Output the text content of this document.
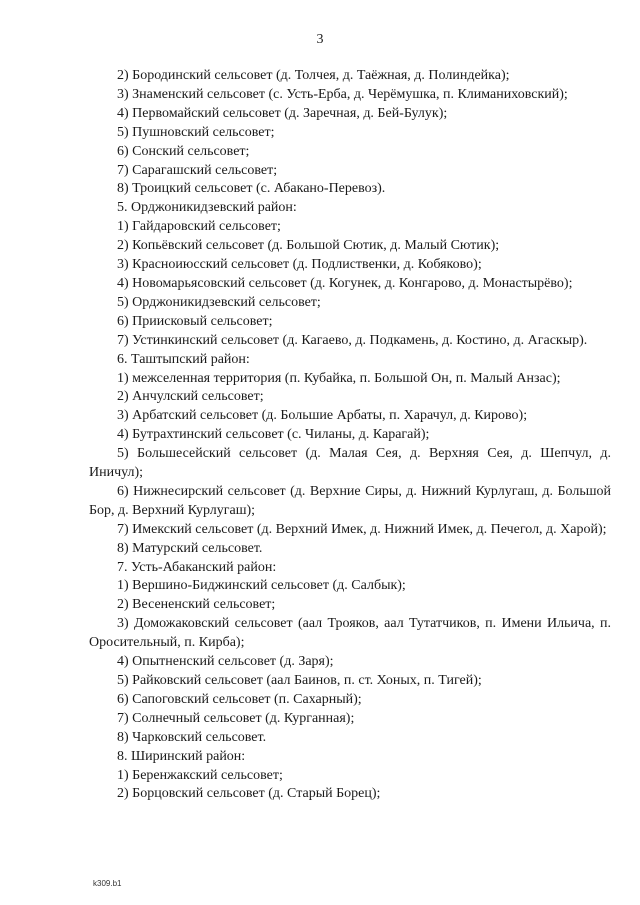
3

2) Бородинский сельсовет (д. Толчея, д. Таёжная, д. Полиндейка);

3) Знаменский сельсовет (с. Усть-Ерба, д. Черёмушка, п. Климаниховский);

4) Первомайский сельсовет (д. Заречная, д. Бей-Булук);

5) Пушновский сельсовет;

6) Сонский сельсовет;

7) Сарагашский сельсовет;

8) Троицкий сельсовет (с. Абакано-Перевоз).

5. Орджоникидзевский район:

1) Гайдаровский сельсовет;

2) Копьёвский сельсовет (д. Большой Сютик, д. Малый Сютик);

3) Красноиюсский сельсовет (д. Подлиственки, д. Кобяково);

4) Новомарьясовский сельсовет (д. Когунек, д. Конгарово, д. Монастырёво);

5) Орджоникидзевский сельсовет;

6) Приисковый сельсовет;

7) Устинкинский сельсовет (д. Кагаево, д. Подкамень, д. Костино, д. Агаскыр).

6. Таштыпский район:

1) межселенная территория (п. Кубайка, п. Большой Он, п. Малый Анзас);

2) Анчулский сельсовет;

3) Арбатский сельсовет (д. Большие Арбаты, п. Харачул, д. Кирово);

4) Бутрахтинский сельсовет (с. Чиланы, д. Карагай);

5) Большесейский сельсовет (д. Малая Сея, д. Верхняя Сея, д. Шепчул, д. Иничул);

6) Нижнесирский сельсовет (д. Верхние Сиры, д. Нижний Курлугаш, д. Большой Бор, д. Верхний Курлугаш);

7) Имекский сельсовет (д. Верхний Имек, д. Нижний Имек, д. Печегол, д. Харой);

8) Матурский сельсовет.

7. Усть-Абаканский район:

1) Вершино-Биджинский сельсовет (д. Салбык);

2) Весененский сельсовет;

3) Доможаковский сельсовет (аал Трояков, аал Тутатчиков, п. Имени Ильича, п. Оросительный, п. Кирба);

4) Опытненский сельсовет (д. Заря);

5) Райковский сельсовет (аал Баинов, п. ст. Хоных, п. Тигей);

6) Сапоговский сельсовет (п. Сахарный);

7) Солнечный сельсовет (д. Курганная);

8) Чарковский сельсовет.

8. Ширинский район:

1) Беренжакский сельсовет;

2) Борцовский сельсовет (д. Старый Борец);

k309.b1
